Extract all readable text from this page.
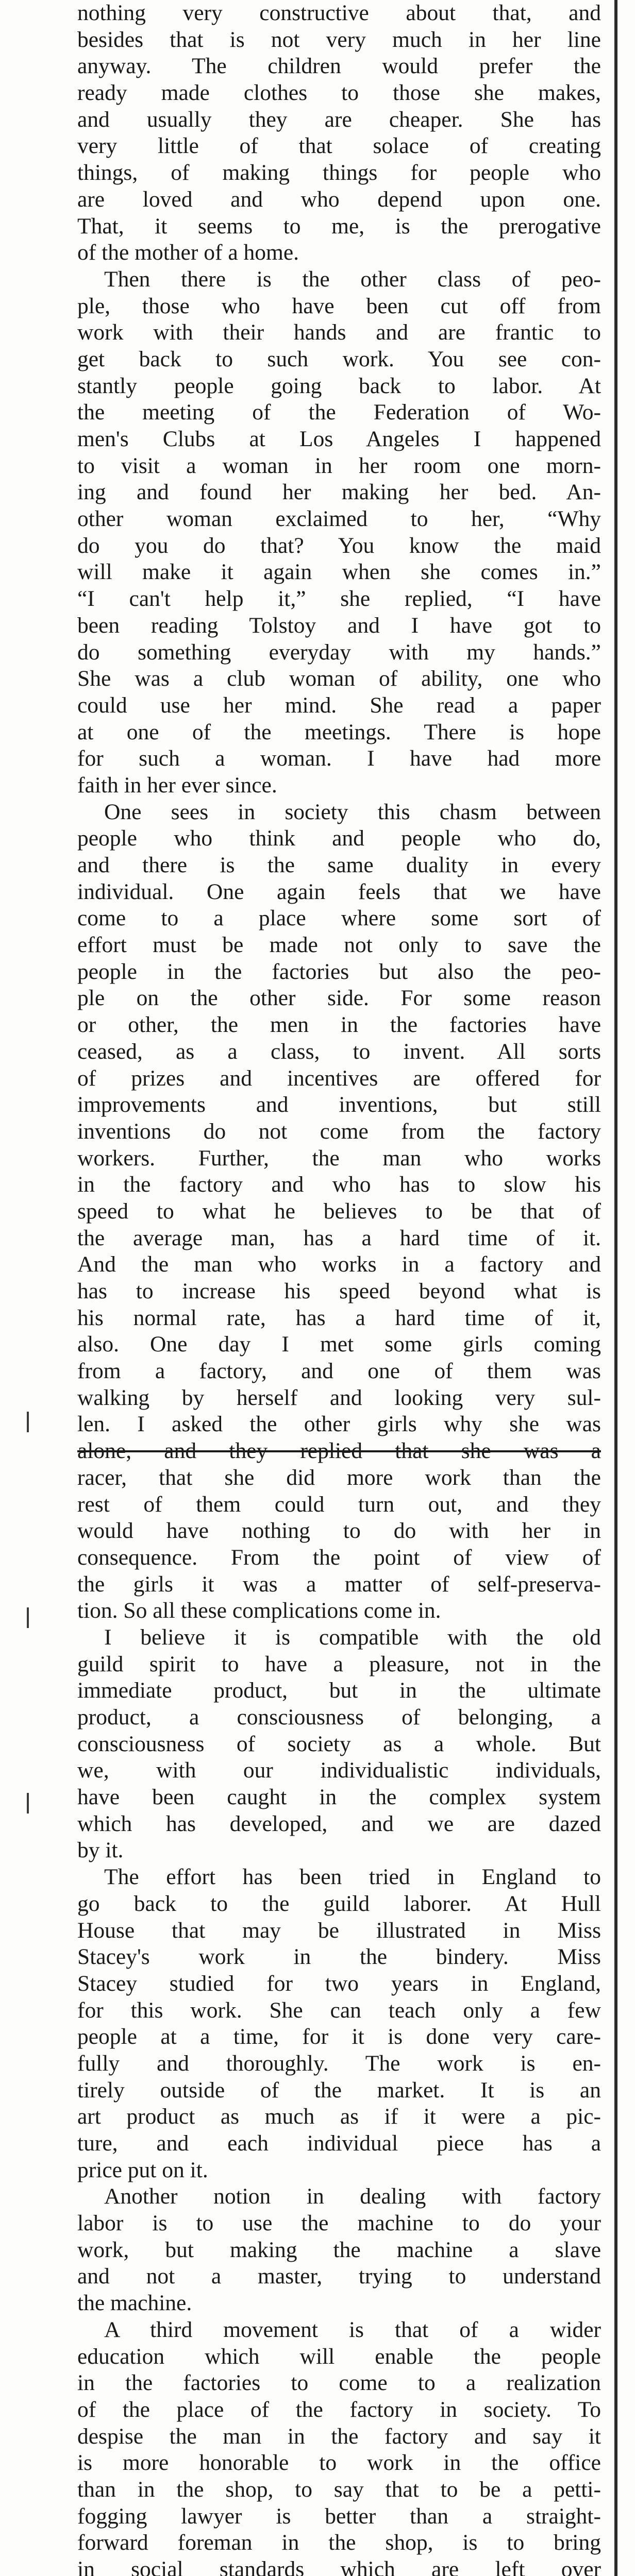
nothing very constructive about that, and
besides that is not very much in her line
anyway. The children would prefer the
ready made clothes to those she makes,
and usually they are cheaper. She has
very little of that solace of creating
things, of making things for people who
are loved and who depend upon one.
That, it seems to me, is the prerogative
of the mother of a home.
Then there is the other class of peo-
ple, those who have been cut off from
work with their hands and are frantic to
get back to such work. You see con-
stantly people going back to labor. At
the meeting of the Federation of Wo-
men's Clubs at Los Angeles I happened
to visit a woman in her room one morn-
ing and found her making her bed. An-
other woman exclaimed to her, “Why
do you do that? You know the maid
will make it again when she comes in.”
“I can't help it,” she replied, “I have
been reading Tolstoy and I have got to
do something everyday with my hands.”
She was a club woman of ability, one who
could use her mind. She read a paper
at one of the meetings. There is hope
for such a woman. I have had more
faith in her ever since.
One sees in society this chasm between
people who think and people who do,
and there is the same duality in every
individual. One again feels that we have
come to a place where some sort of
effort must be made not only to save the
people in the factories but also the peo-
ple on the other side. For some reason
or other, the men in the factories have
ceased, as a class, to invent. All sorts
of prizes and incentives are offered for
improvements and inventions, but still
inventions do not come from the factory
workers. Further, the man who works
in the factory and who has to slow his
speed to what he believes to be that of
the average man, has a hard time of it.
And the man who works in a factory and
has to increase his speed beyond what is
his normal rate, has a hard time of it,
also. One day I met some girls coming
from a factory, and one of them was
walking by herself and looking very sul-
len. I asked the other girls why she was
alone, and they replied that she was a
racer, that she did more work than the
rest of them could turn out, and they
would have nothing to do with her in
consequence. From the point of view of
the girls it was a matter of self-preserva-
tion. So all these complications come in.
I believe it is compatible with the old
guild spirit to have a pleasure, not in the
immediate product, but in the ultimate
product, a consciousness of belonging, a
consciousness of society as a whole. But
we, with our individualistic individuals,
have been caught in the complex system
which has developed, and we are dazed
by it.
The effort has been tried in England to
go back to the guild laborer. At Hull
House that may be illustrated in Miss
Stacey's work in the bindery. Miss
Stacey studied for two years in England,
for this work. She can teach only a few
people at a time, for it is done very care-
fully and thoroughly. The work is en-
tirely outside of the market. It is an
art product as much as if it were a pic-
ture, and each individual piece has a
price put on it.
Another notion in dealing with factory
labor is to use the machine to do your
work, but making the machine a slave
and not a master, trying to understand
the machine.
A third movement is that of a wider
education which will enable the people
in the factories to come to a realization
of the place of the factory in society. To
despise the man in the factory and say it
is more honorable to work in the office
than in the shop, to say that to be a petti-
fogging lawyer is better than a straight-
forward foreman in the shop, is to bring
in social standards which are left over
